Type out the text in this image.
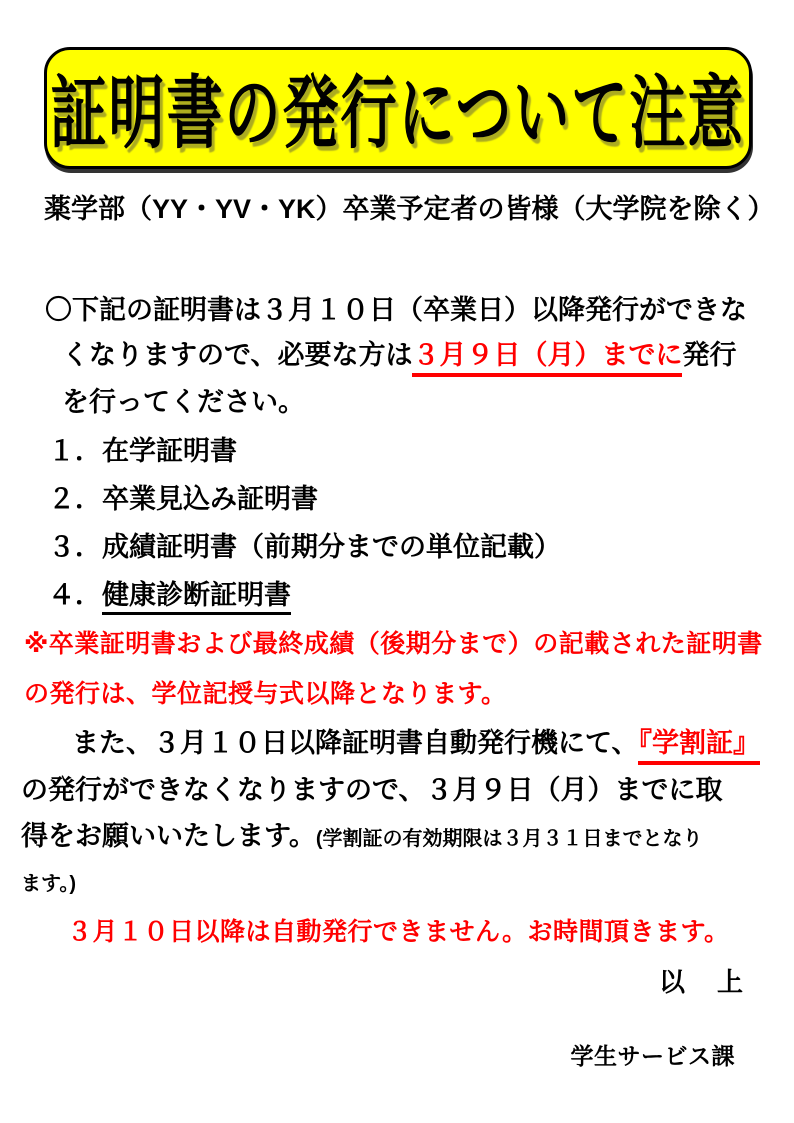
証明書の発行について注意
薬学部（YY・YV・YK）卒業予定者の皆様（大学院を除く）
〇下記の証明書は３月１０日（卒業日）以降発行ができな
くなりますので、必要な方は３月９日（月）までに発行
を行ってください。
１．在学証明書
２．卒業見込み証明書
３．成績証明書（前期分までの単位記載）
４．健康診断証明書
※卒業証明書および最終成績（後期分まで）の記載された証明書
の発行は、学位記授与式以降となります。
また、３月１０日以降証明書自動発行機にて、『学割証』
の発行ができなくなりますので、３月９日（月）までに取
得をお願いいたします。(学割証の有効期限は３月３１日までとなり
ます。)
３月１０日以降は自動発行できません。お時間頂きます。
以　上
学生サービス課
